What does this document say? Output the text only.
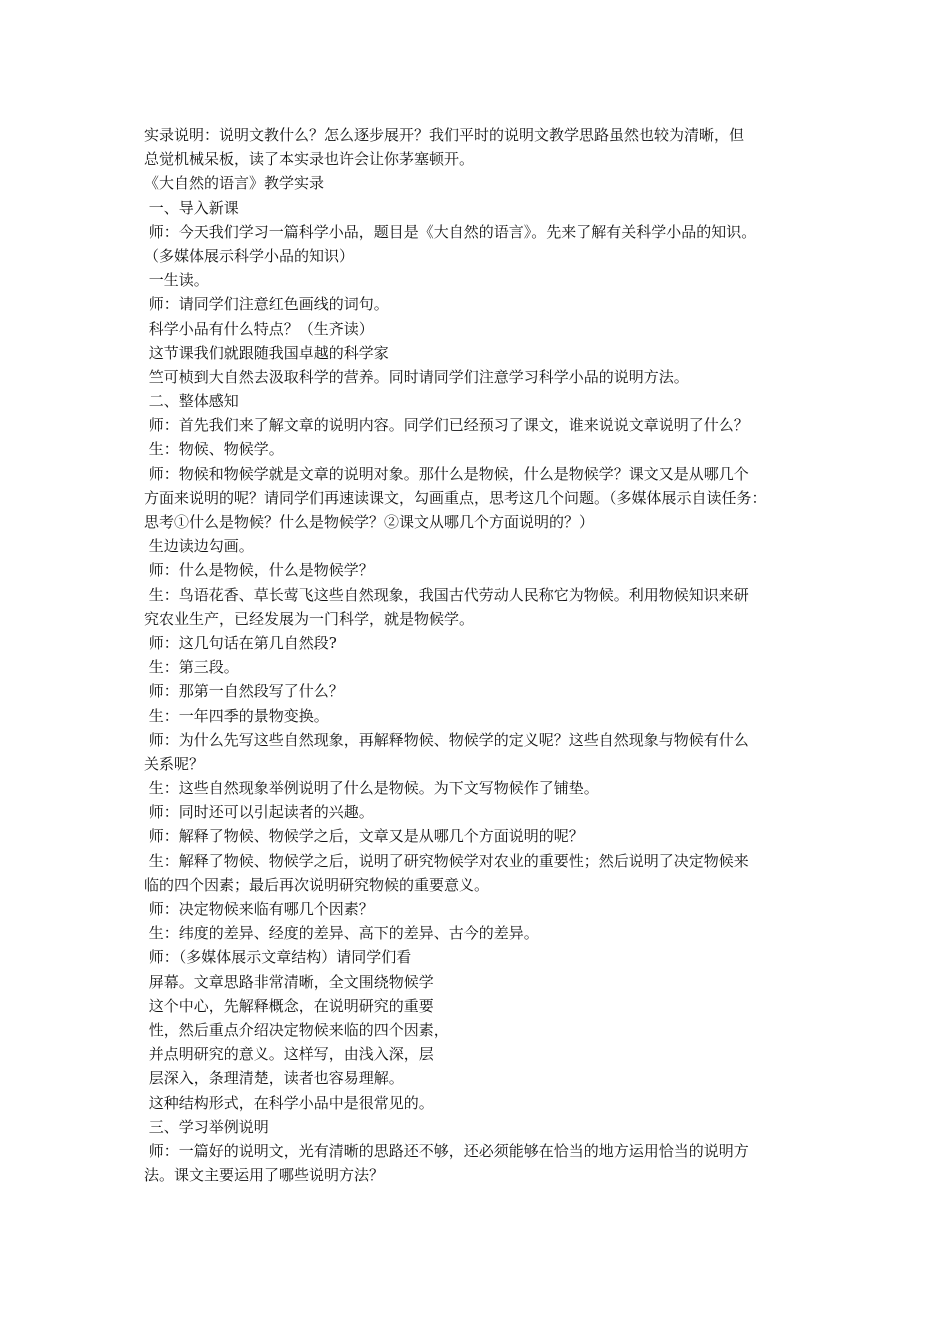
实录说明：说明文教什么？怎么逐步展开？我们平时的说明文教学思路虽然也较为清晰，但
总觉机械呆板，读了本实录也许会让你茅塞顿开。
《大自然的语言》教学实录
一、导入新课
师：今天我们学习一篇科学小品，题目是《大自然的语言》。先来了解有关科学小品的知识。
（多媒体展示科学小品的知识）
一生读。
师：请同学们注意红色画线的词句。
科学小品有什么特点？（生齐读）
这节课我们就跟随我国卓越的科学家
竺可桢到大自然去汲取科学的营养。同时请同学们注意学习科学小品的说明方法。
二、整体感知
师：首先我们来了解文章的说明内容。同学们已经预习了课文，谁来说说文章说明了什么？
生：物候、物候学。
师：物候和物候学就是文章的说明对象。那什么是物候，什么是物候学？课文又是从哪几个
方面来说明的呢？请同学们再速读课文，勾画重点，思考这几个问题。（多媒体展示自读任务：
思考①什么是物候？什么是物候学？②课文从哪几个方面说明的？）
生边读边勾画。
师：什么是物候，什么是物候学？
生：鸟语花香、草长莺飞这些自然现象，我国古代劳动人民称它为物候。利用物候知识来研
究农业生产，已经发展为一门科学，就是物候学。
师：这几句话在第几自然段?
生：第三段。
师：那第一自然段写了什么？
生：一年四季的景物变换。
师：为什么先写这些自然现象，再解释物候、物候学的定义呢？这些自然现象与物候有什么
关系呢？
生：这些自然现象举例说明了什么是物候。为下文写物候作了铺垫。
师：同时还可以引起读者的兴趣。
师：解释了物候、物候学之后，文章又是从哪几个方面说明的呢？
生：解释了物候、物候学之后，说明了研究物候学对农业的重要性；然后说明了决定物候来
临的四个因素；最后再次说明研究物候的重要意义。
师：决定物候来临有哪几个因素？
生：纬度的差异、经度的差异、高下的差异、古今的差异。
师：（多媒体展示文章结构）请同学们看
屏幕。文章思路非常清晰，全文围绕物候学
这个中心，先解释概念，在说明研究的重要
性，然后重点介绍决定物候来临的四个因素，
并点明研究的意义。这样写，由浅入深，层
层深入，条理清楚，读者也容易理解。
这种结构形式，在科学小品中是很常见的。
三、学习举例说明
师：一篇好的说明文，光有清晰的思路还不够，还必须能够在恰当的地方运用恰当的说明方
法。课文主要运用了哪些说明方法？
